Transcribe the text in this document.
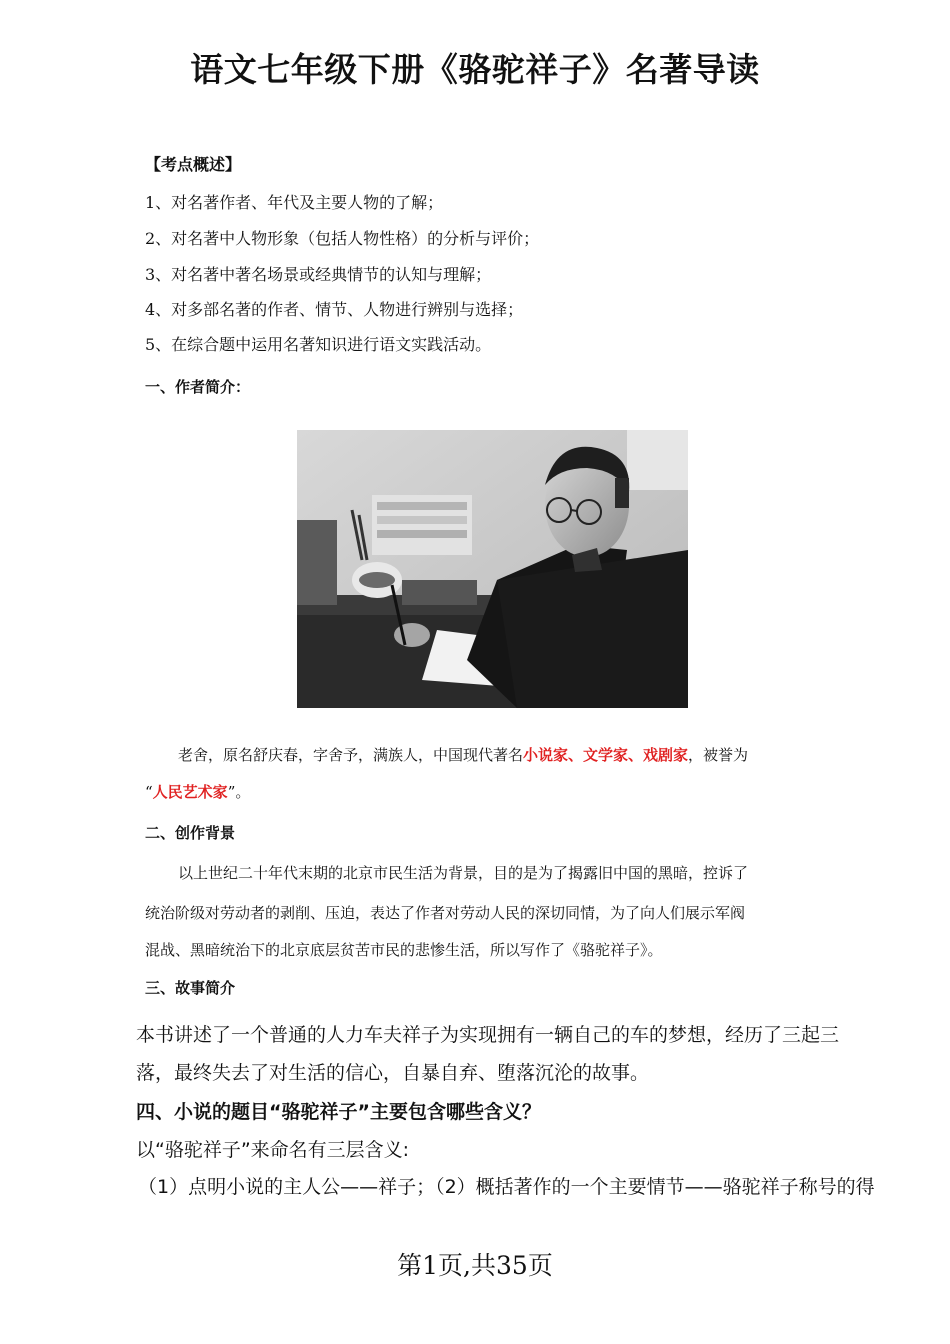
语文七年级下册《骆驼祥子》名著导读
【考点概述】
1、对名著作者、年代及主要人物的了解；
2、对名著中人物形象（包括人物性格）的分析与评价；
3、对名著中著名场景或经典情节的认知与理解；
4、对多部名著的作者、情节、人物进行辨别与选择；
5、在综合题中运用名著知识进行语文实践活动。
一、作者简介：
老舍，原名舒庆春，字舍予，满族人，中国现代著名小说家、文学家、戏剧家，被誉为
“人民艺术家”。
二、创作背景
以上世纪二十年代末期的北京市民生活为背景，目的是为了揭露旧中国的黑暗，控诉了
统治阶级对劳动者的剥削、压迫，表达了作者对劳动人民的深切同情，为了向人们展示军阀
混战、黑暗统治下的北京底层贫苦市民的悲惨生活，所以写作了《骆驼祥子》。
三、故事简介
本书讲述了一个普通的人力车夫祥子为实现拥有一辆自己的车的梦想，经历了三起三
落，最终失去了对生活的信心，自暴自弃、堕落沉沦的故事。
四、小说的题目“骆驼祥子”主要包含哪些含义？
以“骆驼祥子”来命名有三层含义:
（1）点明小说的主人公——祥子；（2）概括著作的一个主要情节——骆驼祥子称号的得
第1页,共35页
